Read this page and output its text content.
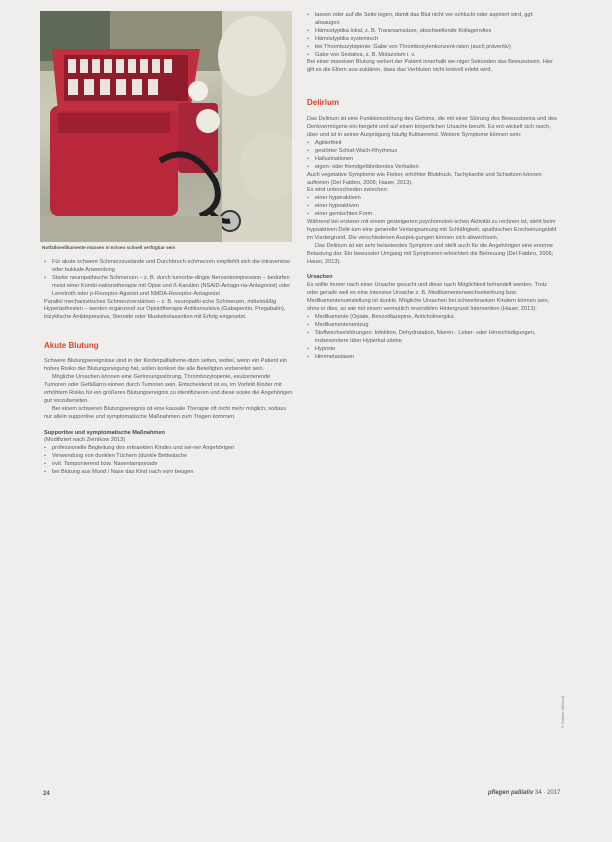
Notfallmedikamente müssen in Krisen schnell verfügbar sein
▪ Für akute schwere Schmerzzustände und Durchbruch-schmerzen empfiehlt sich die intravenöse oder bukkale Anwendung
▪ Starke neuropathische Schmerzen – z. B. durch tumorbe-dingte Nervenkompression – bedürfen meist einer Kombi-nationstherapie mit Opiat und ß-Kanälen (NSAID-Antago-ria-Antagonist) oder Lenetroth oder p-Rezeptor-Agonist und NMDA-Rezeptor-Antagonist

Parallel mechanistisches Schmerzverstärken – z. B. neuropathi-sche Schmerzen, mittelmäßig Hyperästhesien – werden ergänzend zur Opioidtherapie Antikonvulsiva (Gabapentin, Pregabalin), trizyklische Antidepressiva, Steroide oder Muskelrelaxantien mit Erfolg eingesetzt.

Akute Blutung

Schwere Blutungsereignisse sind in der Kinderpalliativme-dizin selten, wobei, wenn ein Patient ein hohes Risiko der Blutungsneigung hat, sollen konkret die alle Beteiligten vorbereitet sein.

Mögliche Ursachen können eine Gerinnungsstörung, Thrombozytopenie, exulzerierende Tumoren oder Gefäßarro-sionen durch Tumoren sein. Entscheidend ist es, im Vorfeld Kinder mit erhöhtem Risiko für ein größeres Blutungsereignis zu identifizieren und diese sowie die Angehörigen gut vorzubereiten.

Bei einem schweren Blutungsereignis ist eine kausale Therapie oft nicht mehr möglich, sodass nur allein supportive und symptomatische Maßnahmen zum Tragen kommen.

Supportive und symptomatische Maßnahmen

(Modifiziert nach Zernikow 2013)

▪ professionelle Begleitung des erkrankten Kindes und sei-ner Angehörigen
▪ Verwendung von dunklen Tüchern (dunkle Bettwäsche
▪ evtl. Tamponierend bzw. Nasentamponade
▪ bei Blutung aus Mund / Nase das Kind nach vorn beugen
▪ lassen oder auf die Seite legen, damit das Blut nicht ver-schluckt oder aspiriert wird, ggf. absaugen
▪ Hämostyptika lokal, z. B. Tranexamsäure, abschwellende Kollagenvlies
▪ Hämostyptika systemisch
▪ bei Thrombozytopenie: Gabe von Thrombozytenkonzent-raten (auch präventiv)
▪ Gabe von Sedativa, z. B. Midazolam i. v.

Bei einer massiven Blutung verliert der Patient innerhalb we-niger Sekunden das Bewusstsein. Hier gilt es die Eltern aus-zuklären, dass das Verbluten nicht leidvoll erlebt wird.

Delirium

Das Delirium ist eine Funktionsstörung des Gehirns, die mit einer Störung des Bewusstseins und des Denkvermögens ein-hergeht und auf einen körperlichen Ursache beruht. Es ent-wickelt sich rasch, über und ist in seiner Ausprägung häufig fluktuierend. Weitere Symptome können sein:

▪ Agitiertheit
▪ gestörter Schlaf-Wach-Rhythmus
▪ Halluzinationen
▪ eigen- oder fremdgefährdendes Verhalten

Auch vegetative Symptome wie Fieber, erhöhter Blutdruck, Tachykardie und Schwitzen können auftreten (Del Fabbro, 2006; Hauer, 2013).

Es wird unterschieden zwischen:

▪ einer hyperaktiven
▪ einer hypoaktiven
▪ einer gemischten Form

Während bei ersterer mit einem gesteigerten psychomotori-schen Aktivität zu rechnen ist, steht beim hypoaktiven Delir-ium eine generelle Verlangsamung mit Schläfrigkeit, apathischen Erscheinungsbild im Vordergrund. Die verschiedenen Ausprä-gungen können sich abwechseln.

Das Delirium ist ein sehr belastendes Symptom und stellt auch für die Angehörigen eine enorme Belastung dar. Ein bewusster Umgang mit Symptomen erleichtert die Betreuung (Del Fabbro, 2006; Hauer, 2013).

Ursachen

Es sollte immer nach einer Ursache gesucht und diese nach Möglichkeit behandelt werden. Trotz oder gerade weil es eine intensive Ursache z. B. Medikamentenwechselwirkung bzw. Medikamentenumstellung ist dunkle. Mögliche Ursachen bei schwerkranken Kindern können sein, ohne in dies, so wie mit einem vermutlich reversiblen Hintergrund Intervention (Hauer, 2013):

▪ Medikamente (Opiate, Benzodiazepine, Anticholinergika
▪ Medikamentenentzug
▪ Stoffwechselstörungen: Infektion, Dehydratation, Nieren-, Leber- oder Hirnschädigungen, insbesondere über Hyperkal-zämie
▪ Hypoxie
▪ Hirnmetastasen
© Sabine Wieland
24	pflegen palliativ 34 · 2017
